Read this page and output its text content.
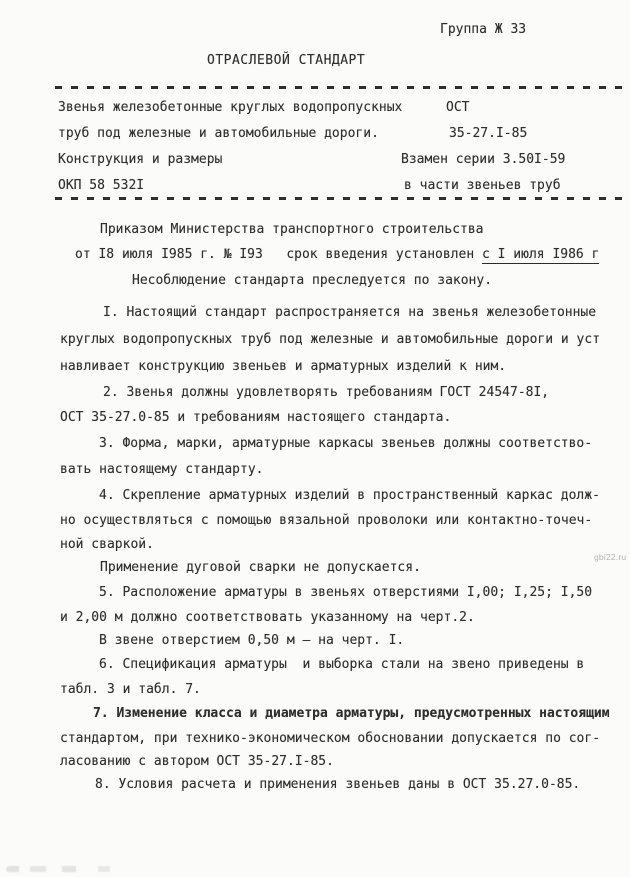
Группа Ж 33
ОТРАСЛЕВОЙ СТАНДАРТ
Звенья железобетонные круглых водопропускных	ОСТ
труб под железные и автомобильные дороги.	35-27.I-85
Конструкция и размеры	Взамен серии 3.50I-59
ОКП 58 532I	в части звеньев труб
Приказом Министерства транспортного строительства
от I8 июля I985 г. № I93   срок введения установлен с I июля I986 г
Несоблюдение стандарта преследуется по закону.
I. Настоящий стандарт распространяется на звенья железобетонные
круглых водопропускных труб под железные и автомобильные дороги и уст
навливает конструкцию звеньев и арматурных изделий к ним.
2. Звенья должны удовлетворять требованиям ГОСТ 24547-8I,
ОСТ 35-27.0-85 и требованиям настоящего стандарта.
3. Форма, марки, арматурные каркасы звеньев должны соответство-
вать настоящему стандарту.
4. Скрепление арматурных изделий в пространственный каркас долж-
но осуществляться с помощью вязальной проволоки или контактно-точеч-
ной сваркой.
Применение дуговой сварки не допускается.
5. Расположение арматуры в звеньях отверстиями I,00; I,25; I,50
и 2,00 м должно соответствовать указанному на черт.2.
В звене отверстием 0,50 м – на черт. I.
6. Спецификация арматуры  и выборка стали на звено приведены в
табл. 3 и табл. 7.
7. Изменение класса и диаметра арматуры, предусмотренных настоящим
стандартом, при технико-экономическом обосновании допускается по сог-
ласованию с автором ОСТ 35-27.I-85.
8. Условия расчета и применения звеньев даны в ОСТ 35.27.0-85.
gbi22.ru
